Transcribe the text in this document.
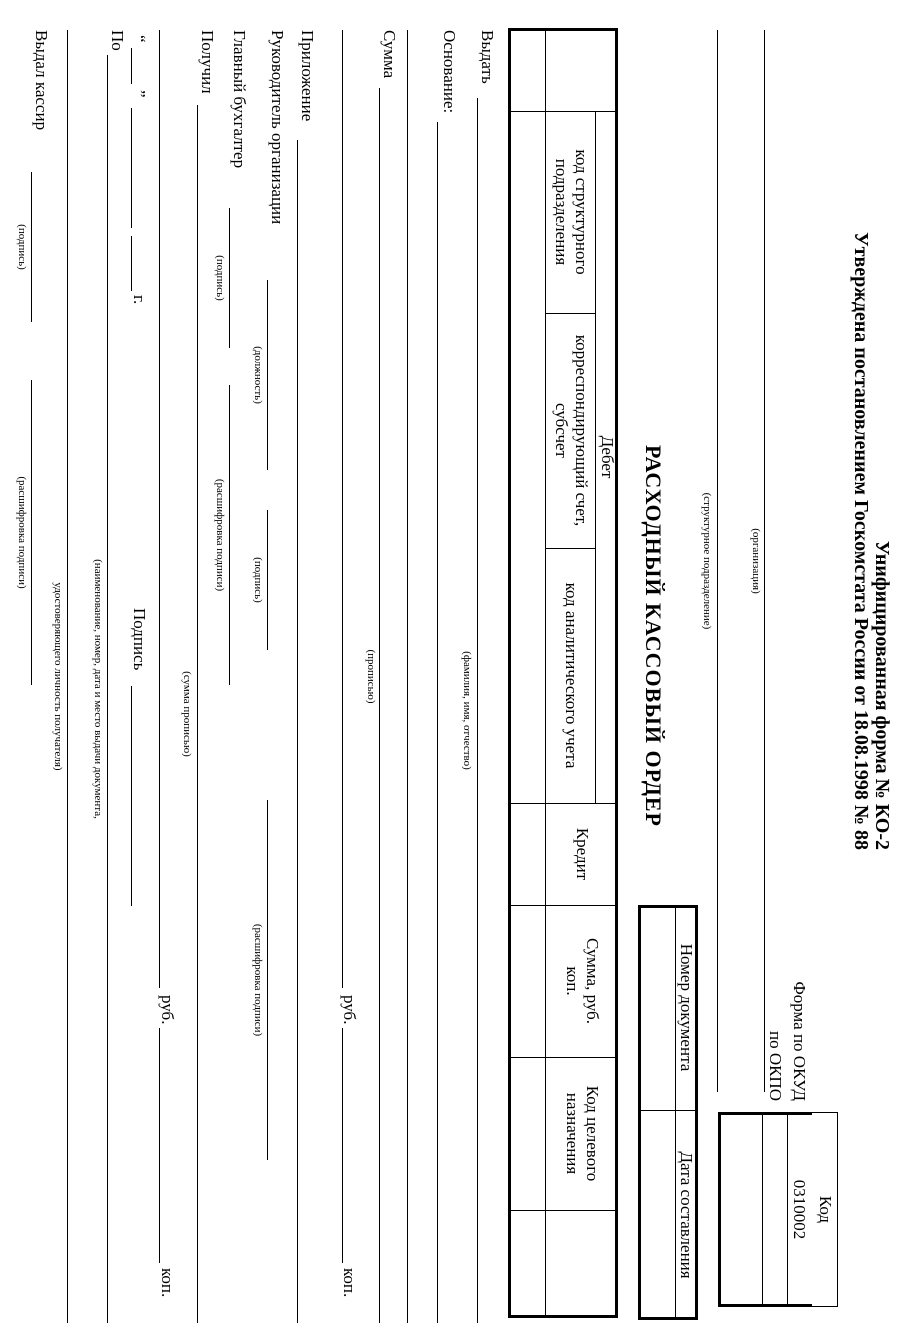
Унифицированная форма № КО-2
Утверждена постановлением Госкомстата России от 18.08.1998 № 88
Код
0310002
Форма по ОКУД
по ОКПО
(организация)
(структурное подразделение)
РАСХОДНЫЙ КАССОВЫЙ ОРДЕР
Номер документа
Дата составления
Дебет
код структурного подразделения
корреспондирующий счет, субсчет
код аналитического учета
Кредит
Сумма, руб. коп.
Код целевого назначения
Выдать
(фамилия, имя, отчество)
Основание:
Сумма
(прописью)
руб.
коп.
Приложение
Руководитель организации
(должность)
(подпись)
(расшифровка подписи)
Главный бухгалтер
(подпись)
(расшифровка подписи)
Получил
(сумма прописью)
руб.
коп.
“
”
г.
Подпись
По
(наименование, номер, дата и место выдачи документа,
удостоверяющего личность получателя)
Выдал кассир
(подпись)
(расшифровка подписи)
